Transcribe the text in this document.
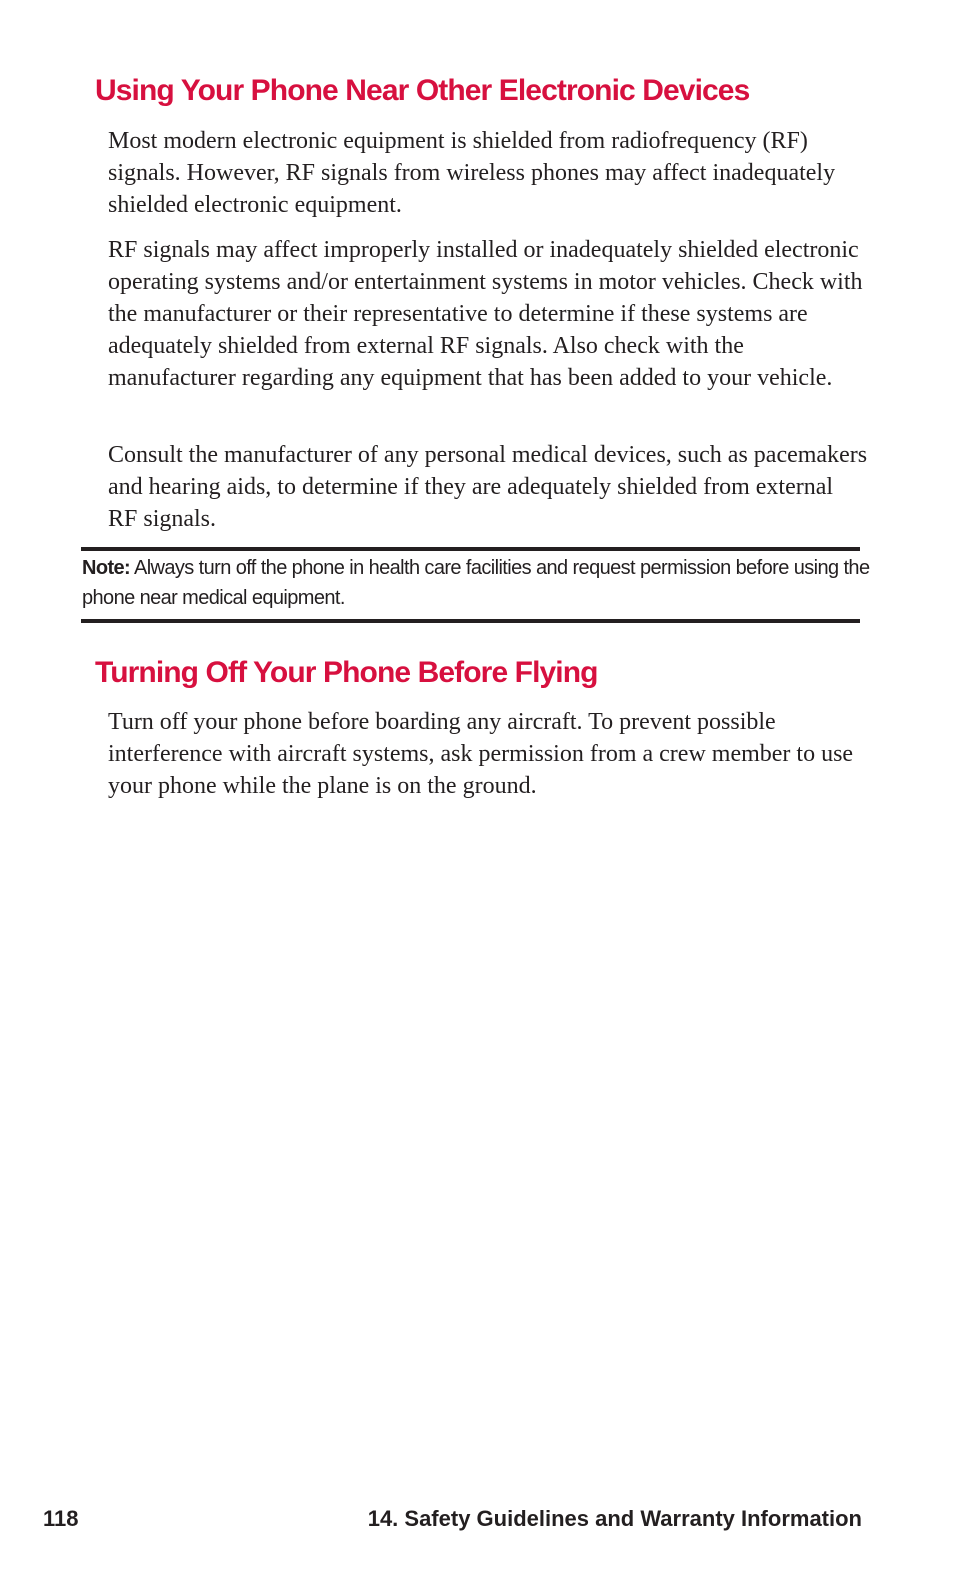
Using Your Phone Near Other Electronic Devices

Most modern electronic equipment is shielded from radiofrequency (RF) signals. However, RF signals from wireless phones may affect inadequately shielded electronic equipment.

RF signals may affect improperly installed or inadequately shielded electronic operating systems and/or entertainment systems in motor vehicles. Check with the manufacturer or their representative to determine if these systems are adequately shielded from external RF signals. Also check with the manufacturer regarding any equipment that has been added to your vehicle.

Consult the manufacturer of any personal medical devices, such as pacemakers and hearing aids, to determine if they are adequately shielded from external RF signals.

Note: Always turn off the phone in health care facilities and request permission before using the phone near medical equipment.

Turning Off Your Phone Before Flying

Turn off your phone before boarding any aircraft. To prevent possible interference with aircraft systems, ask permission from a crew member to use your phone while the plane is on the ground.

118	14. Safety Guidelines and Warranty Information
